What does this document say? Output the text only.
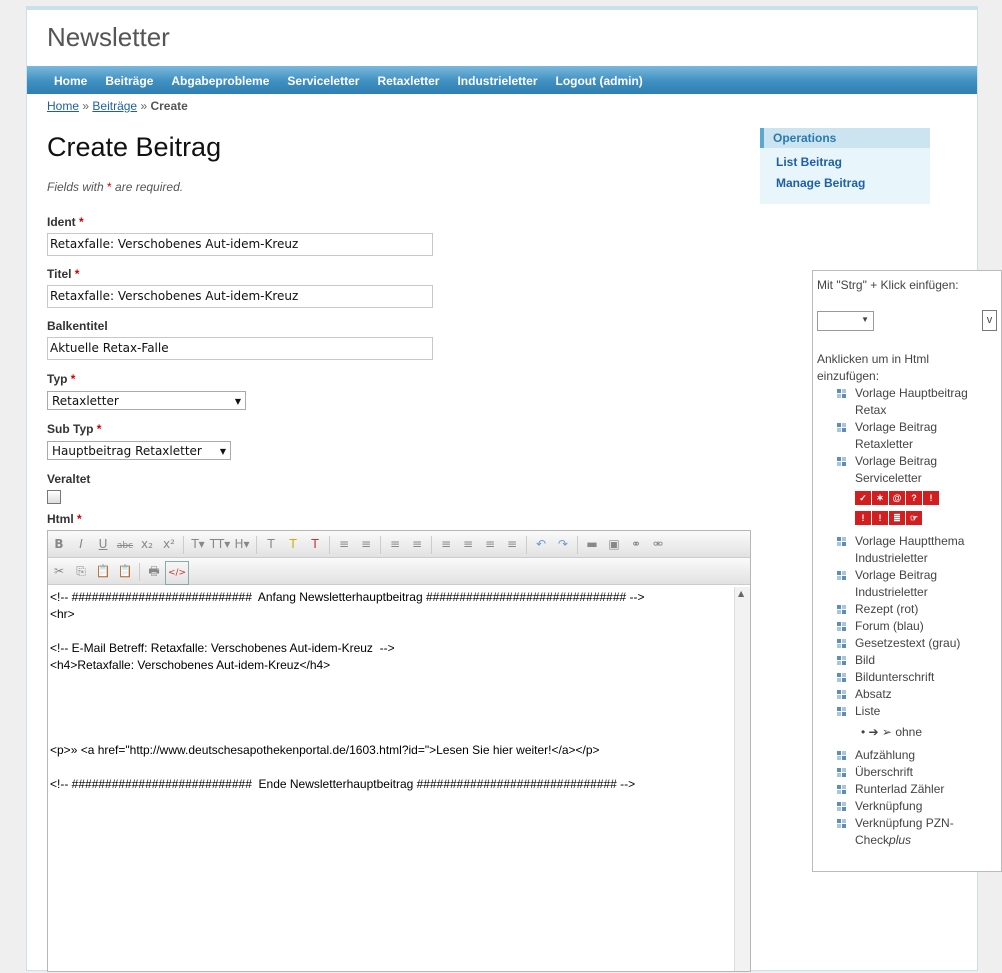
Newsletter
Home Beiträge Abgabeprobleme Serviceletter Retaxletter Industrieletter Logout (admin)
Home » Beiträge » Create
Create Beitrag
Fields with * are required.
Ident *
Retaxfalle: Verschobenes Aut-idem-Kreuz
Titel *
Retaxfalle: Verschobenes Aut-idem-Kreuz
Balkentitel
Aktuelle Retax-Falle
Typ *
Retaxletter	▼
Sub Typ *
Hauptbeitrag Retaxletter ▼
Veraltet
Html *
B I U abc x₂ x² T▾ TT▾ H▾ T T T ≡ ≡ ≡ ≡ ≡ ≡ ≡ ≡ ↶ ↷ ▬ ▣ ⚭ ⚮
✂ ⎘ 📋 📋 🖶 </>
<!-- ###########################  Anfang Newsletterhauptbeitrag ############################## -->
<hr>

<!-- E-Mail Betreff: Retaxfalle: Verschobenes Aut-idem-Kreuz  -->
<h4>Retaxfalle: Verschobenes Aut-idem-Kreuz</h4>

<p>» <a href="http://www.deutschesapothekenportal.de/1603.html?id=">Lesen Sie hier weiter!</a></p>

<!-- ###########################  Ende Newsletterhauptbeitrag ############################## -->
▲
Operations
List Beitrag
Manage Beitrag
Mit "Strg" + Klick einfügen:
▼	v
Anklicken um in Html einzufügen:
Vorlage Hauptbeitrag Retax
Vorlage Beitrag Retaxletter
Vorlage Beitrag Serviceletter
✓ ✶ @ ? !
! ! ≣ ☞
Vorlage Hauptthema Industrieletter
Vorlage Beitrag Industrieletter
Rezept (rot)
Forum (blau)
Gesetzestext (grau)
Bild
Bildunterschrift
Absatz
Liste
• ➔ ➢ ohne
Aufzählung
Überschrift
Runterlad Zähler
Verknüpfung
Verknüpfung PZN-Checkplus
